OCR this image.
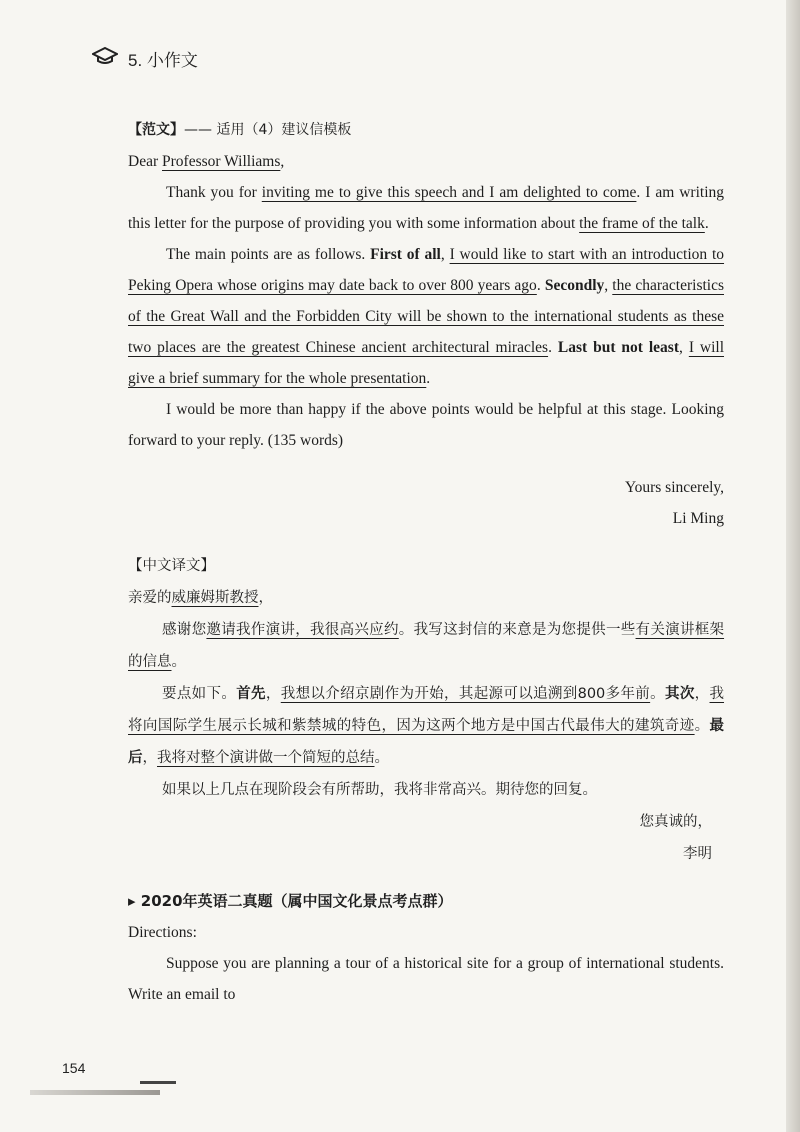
5. 小作文

【范文】—— 适用（4）建议信模板

Dear Professor Williams,

Thank you for inviting me to give this speech and I am delighted to come. I am writing this letter for the purpose of providing you with some information about the frame of the talk.

The main points are as follows. First of all, I would like to start with an introduction to Peking Opera whose origins may date back to over 800 years ago. Secondly, the characteristics of the Great Wall and the Forbidden City will be shown to the international students as these two places are the greatest Chinese ancient architectural miracles. Last but not least, I will give a brief summary for the whole presentation.

I would be more than happy if the above points would be helpful at this stage. Looking forward to your reply. (135 words)

Yours sincerely,

Li Ming

【中文译文】

亲爱的威廉姆斯教授，

感谢您邀请我作演讲，我很高兴应约。我写这封信的来意是为您提供一些有关演讲框架的信息。

要点如下。首先，我想以介绍京剧作为开始，其起源可以追溯到800多年前。其次，我将向国际学生展示长城和紫禁城的特色，因为这两个地方是中国古代最伟大的建筑奇迹。最后，我将对整个演讲做一个简短的总结。

如果以上几点在现阶段会有所帮助，我将非常高兴。期待您的回复。

您真诚的，

李明

▸ 2020年英语二真题（属中国文化景点考点群）

Directions:

Suppose you are planning a tour of a historical site for a group of international students. Write an email to

154
